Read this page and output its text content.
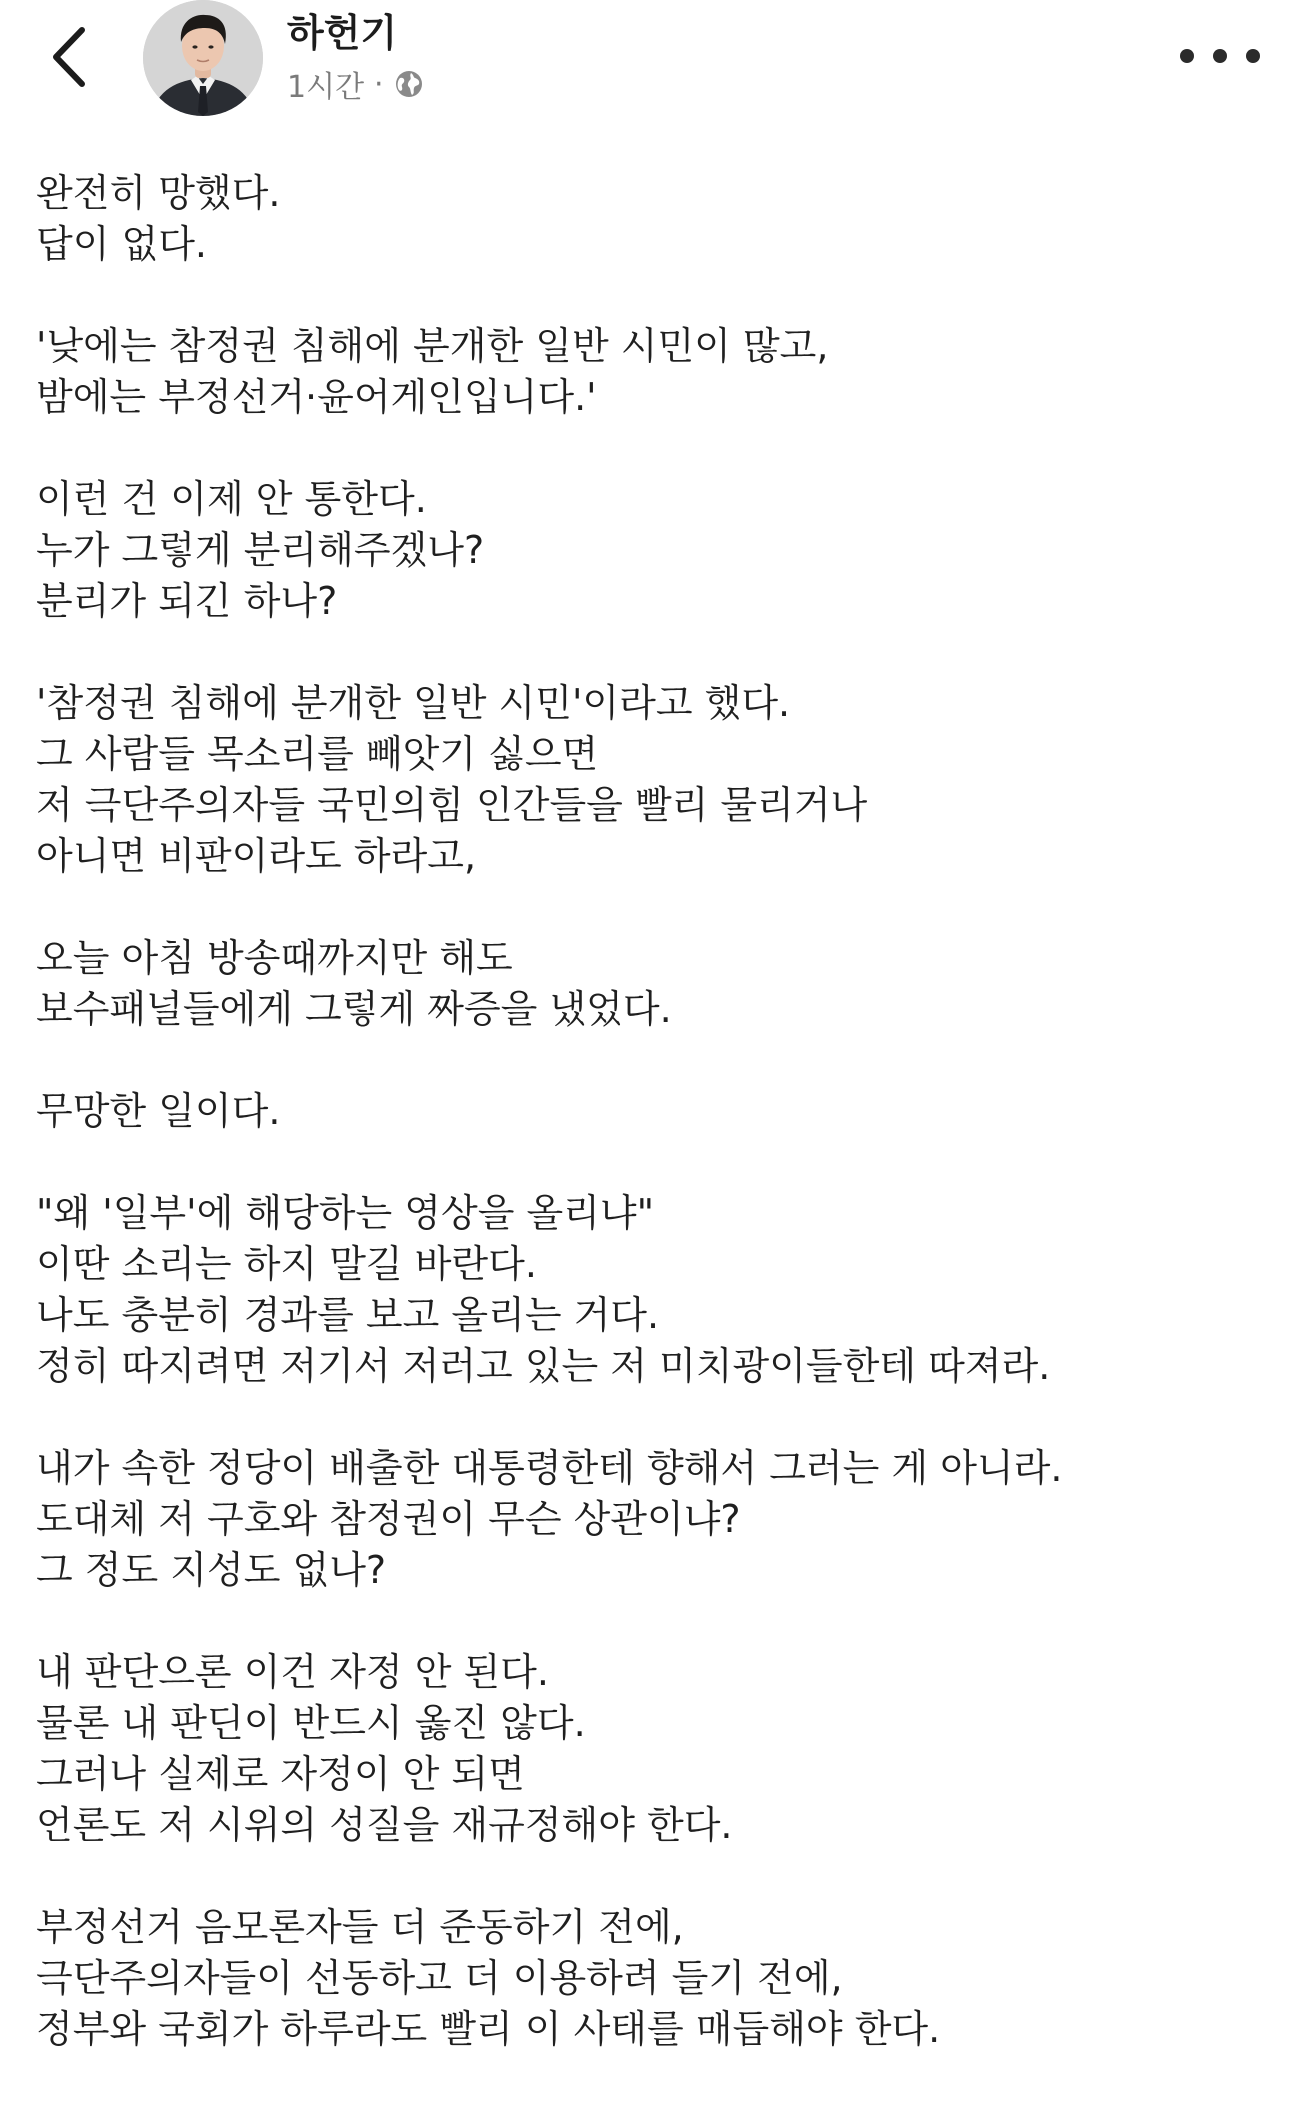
하헌기
1시간 ·
완전히 망했다.
답이 없다.
'낮에는 참정권 침해에 분개한 일반 시민이 많고,
밤에는 부정선거·윤어게인입니다.'
이런 건 이제 안 통한다.
누가 그렇게 분리해주겠나?
분리가 되긴 하나?
'참정권 침해에 분개한 일반 시민'이라고 했다.
그 사람들 목소리를 빼앗기 싫으면
저 극단주의자들 국민의힘 인간들을 빨리 물리거나
아니면 비판이라도 하라고,
오늘 아침 방송때까지만 해도
보수패널들에게 그렇게 짜증을 냈었다.
무망한 일이다.
"왜 '일부'에 해당하는 영상을 올리냐"
이딴 소리는 하지 말길 바란다.
나도 충분히 경과를 보고 올리는 거다.
정히 따지려면 저기서 저러고 있는 저 미치광이들한테 따져라.
내가 속한 정당이 배출한 대통령한테 향해서 그러는 게 아니라.
도대체 저 구호와 참정권이 무슨 상관이냐?
그 정도 지성도 없나?
내 판단으론 이건 자정 안 된다.
물론 내 판딘이 반드시 옳진 않다.
그러나 실제로 자정이 안 되면
언론도 저 시위의 성질을 재규정해야 한다.
부정선거 음모론자들 더 준동하기 전에,
극단주의자들이 선동하고 더 이용하려 들기 전에,
정부와 국회가 하루라도 빨리 이 사태를 매듭해야 한다.
